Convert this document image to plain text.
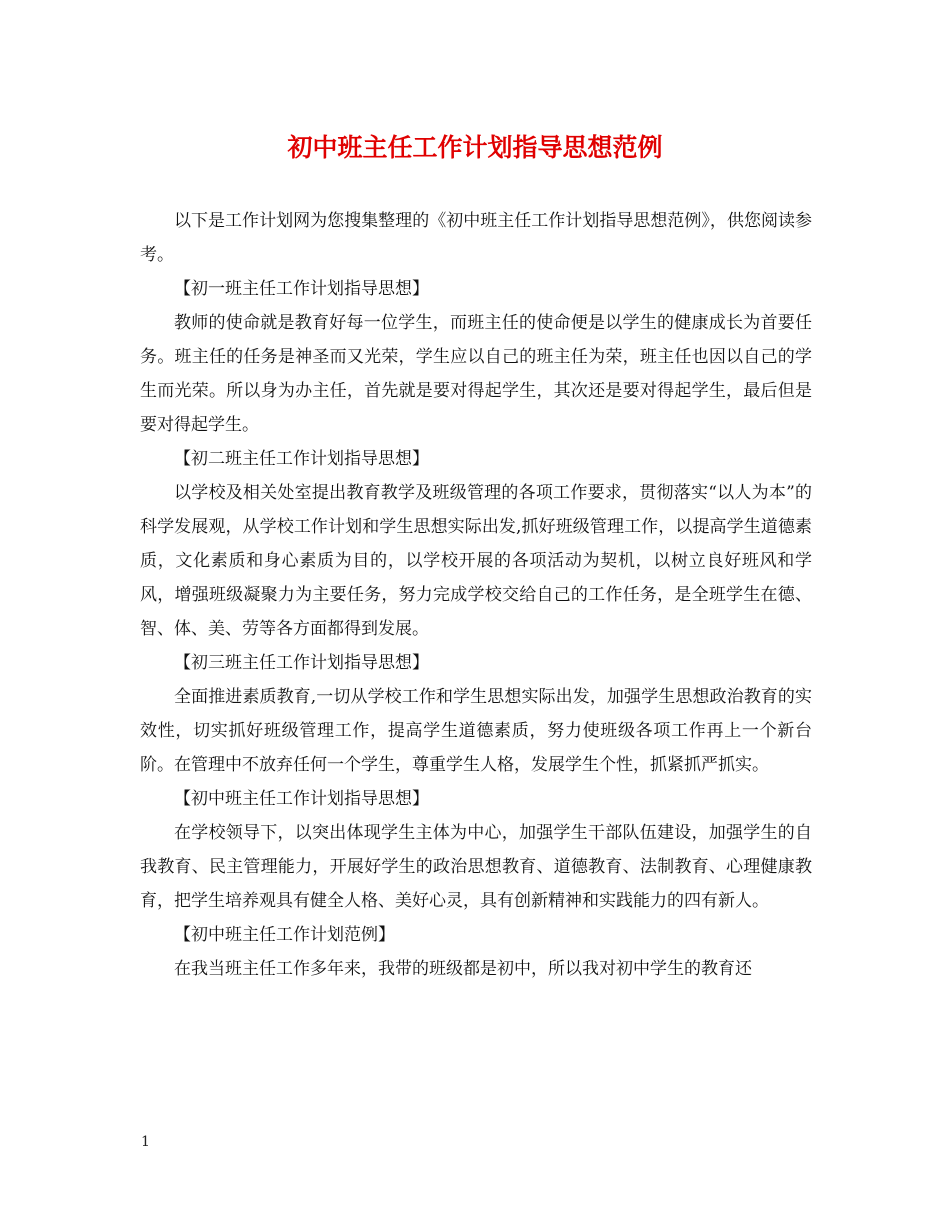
初中班主任工作计划指导思想范例

以下是工作计划网为您搜集整理的《初中班主任工作计划指导思想范例》，供您阅读参考。

【初一班主任工作计划指导思想】

教师的使命就是教育好每一位学生，而班主任的使命便是以学生的健康成长为首要任务。班主任的任务是神圣而又光荣，学生应以自己的班主任为荣，班主任也因以自己的学生而光荣。所以身为办主任，首先就是要对得起学生，其次还是要对得起学生，最后但是要对得起学生。

【初二班主任工作计划指导思想】

以学校及相关处室提出教育教学及班级管理的各项工作要求，贯彻落实“以人为本”的科学发展观，从学校工作计划和学生思想实际出发,抓好班级管理工作，以提高学生道德素质，文化素质和身心素质为目的，以学校开展的各项活动为契机，以树立良好班风和学风，增强班级凝聚力为主要任务，努力完成学校交给自己的工作任务，是全班学生在德、智、体、美、劳等各方面都得到发展。

【初三班主任工作计划指导思想】

全面推进素质教育,一切从学校工作和学生思想实际出发，加强学生思想政治教育的实效性，切实抓好班级管理工作，提高学生道德素质，努力使班级各项工作再上一个新台阶。在管理中不放弃任何一个学生，尊重学生人格，发展学生个性，抓紧抓严抓实。

【初中班主任工作计划指导思想】

在学校领导下，以突出体现学生主体为中心，加强学生干部队伍建设，加强学生的自我教育、民主管理能力，开展好学生的政治思想教育、道德教育、法制教育、心理健康教育，把学生培养观具有健全人格、美好心灵，具有创新精神和实践能力的四有新人。

【初中班主任工作计划范例】

在我当班主任工作多年来，我带的班级都是初中，所以我对初中学生的教育还

1
